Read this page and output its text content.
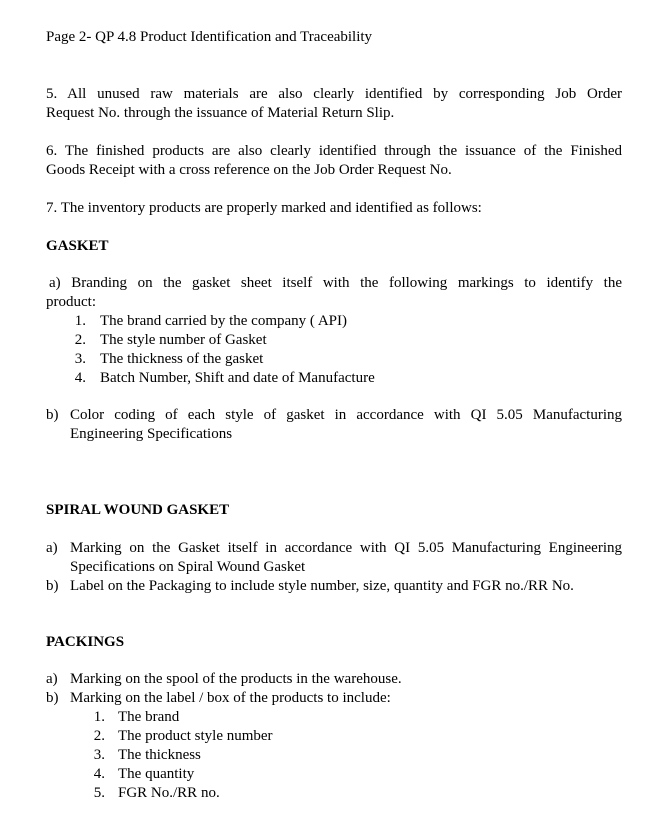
Page 2- QP 4.8 Product Identification and Traceability
5. All unused raw materials are also clearly identified by corresponding Job Order
Request No. through the issuance of Material Return Slip.
6. The finished products are also clearly identified through the issuance of the Finished
Goods Receipt with a cross reference on the Job Order Request No.
7. The inventory products are properly marked and identified as follows:
GASKET
a) Branding on the gasket sheet itself with the following markings to identify the
product:
1. The brand carried by the company ( API)
2. The style number of Gasket
3. The thickness of the gasket
4. Batch Number, Shift and date of Manufacture
b) Color coding of each style of gasket in accordance with QI 5.05 Manufacturing
Engineering Specifications
SPIRAL WOUND GASKET
a) Marking on the Gasket itself in accordance with QI 5.05 Manufacturing Engineering
Specifications on Spiral Wound Gasket
b) Label on the Packaging to include style number, size, quantity and FGR no./RR No.
PACKINGS
a) Marking on the spool of the products in the warehouse.
b) Marking on the label / box of the products to include:
1. The brand
2. The product style number
3. The thickness
4. The quantity
5. FGR No./RR no.
